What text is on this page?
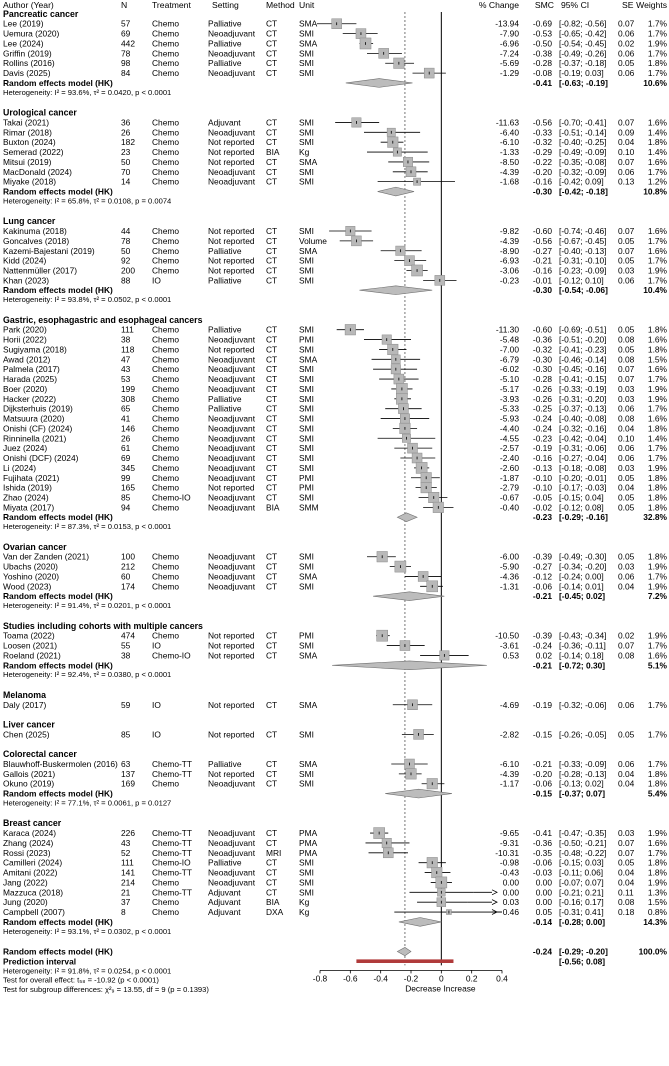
Author (Year)	N	Treatment Setting	Method Unit	% Change SMC 95% CI	SE Weights
Pancreatic cancer
Lee (2019)	57	Chemo	Palliative	CT	SMA	-13.94 -0.69 [-0.82; -0.56] 0.07 1.7%
Uemura (2020)	69	Chemo	Neoadjuvant CT	SMI	-7.90 -0.53 [-0.65; -0.42] 0.06 1.7%
Lee (2024)	442 Chemo	Palliative	CT	SMA	-6.96 -0.50 [-0.54; -0.45] 0.02 1.9%
Griffin (2019)	78	Chemo	Neoadjuvant CT	SMI	-7.24 -0.38 [-0.49; -0.26] 0.06 1.7%
Rollins (2016)	98	Chemo	Palliative	CT	SMI	-5.69 -0.28 [-0.37; -0.18] 0.05 1.8%
Davis (2025)	84	Chemo	Neoadjuvant CT	SMI	-1.29 -0.08 [-0.19; 0.03] 0.06 1.7%
Random effects model (HK)	-0.41 [-0.63; -0.19]	10.6%
Heterogeneity: I² = 93.6%, τ² = 0.0420, p < 0.0001
Urological cancer
Takai (2021)	36	Chemo	Adjuvant	CT	SMI	-11.63 -0.56 [-0.70; -0.41] 0.07 1.6%
Rimar (2018)	26	Chemo	Neoadjuvant CT	SMI	-6.40 -0.33 [-0.51; -0.14] 0.09 1.4%
Buxton (2024)	182 Chemo	Not reported CT	SMI	-6.10 -0.32 [-0.40; -0.25] 0.04 1.8%
Semerad (2022)	23	Chemo	Not reported BIA Kg	-1.33 -0.29 [-0.49; -0.09] 0.10 1.4%
Mitsui (2019)	50	Chemo	Not reported CT	SMA	-8.50 -0.22 [-0.35; -0.08] 0.07 1.6%
MacDonald (2024)	70	Chemo	Neoadjuvant CT	SMI	-4.39 -0.20 [-0.32; -0.09] 0.06 1.7%
Miyake (2018)	14	Chemo	Neoadjuvant CT	SMI	-1.68 -0.16 [-0.42; 0.09] 0.13 1.2%
Random effects model (HK)	-0.30 [-0.42; -0.18]	10.8%
Heterogeneity: I² = 65.8%, τ² = 0.0108, p = 0.0074
Lung cancer
Kakinuma (2018)	44	Chemo	Not reported CT	SMI	-9.82 -0.60 [-0.74; -0.46] 0.07 1.6%
Goncalves (2018)	78	Chemo	Not reported CT	Volume	-4.39 -0.56 [-0.67; -0.45] 0.05 1.7%
Kazemi-Bajestani (2019)	50	Chemo	Palliative	CT	SMA	-8.90 -0.27 [-0.40; -0.13] 0.07 1.6%
Kidd (2024)	92	Chemo	Not reported CT	SMI	-6.93 -0.21 [-0.31; -0.10] 0.05 1.7%
Nattenmüller (2017)	200 Chemo	Not reported CT	SMI	-3.06 -0.16 [-0.23; -0.09] 0.03 1.9%
Khan (2023)	88	IO	Palliative	CT	SMI	-0.23 -0.01 [-0.12; 0.10] 0.06 1.7%
Random effects model (HK)	-0.30 [-0.54; -0.06]	10.4%
Heterogeneity: I² = 93.8%, τ² = 0.0502, p < 0.0001
Gastric, esophagastric and esophageal cancers
Park (2020)	111 Chemo	Palliative	CT	SMI	-11.30 -0.60 [-0.69; -0.51] 0.05 1.8%
Horii (2022)	38	Chemo	Neoadjuvant CT	PMI	-5.48 -0.36 [-0.51; -0.20] 0.08 1.6%
Sugiyama (2018)	118 Chemo	Not reported CT	SMI	-7.00 -0.32 [-0.41; -0.23] 0.05 1.8%
Awad (2012)	47	Chemo	Neoadjuvant CT	SMA	-6.79 -0.30 [-0.46; -0.14] 0.08 1.5%
Palmela (2017)	43	Chemo	Neoadjuvant CT	SMI	-6.02 -0.30 [-0.45; -0.16] 0.07 1.6%
Harada (2025)	53	Chemo	Neoadjuvant CT	SMI	-5.10 -0.28 [-0.41; -0.15] 0.07 1.7%
Boer (2020)	199 Chemo	Neoadjuvant CT	SMI	-5.17 -0.26 [-0.33; -0.19] 0.03 1.9%
Hacker (2022)	308 Chemo	Palliative	CT	SMI	-3.93 -0.26 [-0.31; -0.20] 0.03 1.9%
Dijksterhuis (2019)	65	Chemo	Palliative	CT	SMI	-5.33 -0.25 [-0.37; -0.13] 0.06 1.7%
Matsuura (2020)	41	Chemo	Neoadjuvant CT	SMI	-5.93 -0.24 [-0.40; -0.08] 0.08 1.6%
Onishi (CF) (2024)	146 Chemo	Neoadjuvant CT	SMI	-4.40 -0.24 [-0.32; -0.16] 0.04 1.8%
Rinninella (2021)	26	Chemo	Neoadjuvant CT	SMI	-4.55 -0.23 [-0.42; -0.04] 0.10 1.4%
Juez (2024)	61	Chemo	Neoadjuvant CT	SMI	-2.57 -0.19 [-0.31; -0.06] 0.06 1.7%
Onishi (DCF) (2024)	69	Chemo	Neoadjuvant CT	SMI	-2.40 -0.16 [-0.27; -0.04] 0.06 1.7%
Li (2024)	345 Chemo	Neoadjuvant CT	SMI	-2.60 -0.13 [-0.18; -0.08] 0.03 1.9%
Fujihata (2021)	99	Chemo	Neoadjuvant CT	PMI	-1.87 -0.10 [-0.20; -0.01] 0.05 1.8%
Ishida (2019)	165 Chemo	Not reported CT	PMI	-2.79 -0.10 [-0.17; -0.03] 0.04 1.8%
Zhao (2024)	85	Chemo-IO Neoadjuvant CT	SMI	-0.67 -0.05 [-0.15; 0.04] 0.05 1.8%
Miyata (2017)	94	Chemo	Neoadjuvant BIA SMM	-0.40 -0.02 [-0.12; 0.08] 0.05 1.8%
Random effects model (HK)	-0.23 [-0.29; -0.16]	32.8%
Heterogeneity: I² = 87.3%, τ² = 0.0153, p < 0.0001
Ovarian cancer
Van der Zanden (2021)	100 Chemo	Neoadjuvant CT	SMI	-6.00 -0.39 [-0.49; -0.30] 0.05 1.8%
Ubachs (2020)	212 Chemo	Neoadjuvant CT	SMI	-5.90 -0.27 [-0.34; -0.20] 0.03 1.9%
Yoshino (2020)	60	Chemo	Neoadjuvant CT	SMA	-4.36 -0.12 [-0.24; 0.00] 0.06 1.7%
Wood (2023)	174 Chemo	Neoadjuvant CT	SMI	-1.31 -0.06 [-0.14; 0.01] 0.04 1.9%
Random effects model (HK)	-0.21 [-0.45; 0.02]	7.2%
Heterogeneity: I² = 91.4%, τ² = 0.0201, p < 0.0001
Studies including cohorts with multiple cancers
Toama (2022)	474 Chemo	Not reported CT	PMI	-10.50 -0.39 [-0.43; -0.34] 0.02 1.9%
Loosen (2021)	55	IO	Not reported CT	SMI	-3.61 -0.24 [-0.36; -0.11] 0.07 1.7%
Roeland (2021)	38	Chemo-IO Not reported CT	SMA	0.53 0.02 [-0.14; 0.18] 0.08 1.6%
Random effects model (HK)	-0.21 [-0.72; 0.30]	5.1%
Heterogeneity: I² = 92.4%, τ² = 0.0380, p < 0.0001
Melanoma
Daly (2017)	59	IO	Not reported CT	SMA	-4.69 -0.19 [-0.32; -0.06] 0.06 1.7%
Liver cancer
Chen (2025)	85	IO	Not reported CT	SMI	-2.82 -0.15 [-0.26; -0.05] 0.05 1.7%
Colorectal cancer
Blauwhoff-Buskermolen (2016) 63	Chemo-TT Palliative	CT	SMA	-6.10 -0.21 [-0.33; -0.09] 0.06 1.7%
Gallois (2021)	137 Chemo-TT Not reported CT	SMI	-4.39 -0.20 [-0.28; -0.13] 0.04 1.8%
Okuno (2019)	169 Chemo	Neoadjuvant CT	SMI	-1.17 -0.06 [-0.13; 0.02] 0.04 1.8%
Random effects model (HK)	-0.15 [-0.37; 0.07]	5.4%
Heterogeneity: I² = 77.1%, τ² = 0.0061, p = 0.0127
Breast cancer
Karaca (2024)	226 Chemo-TT Neoadjuvant CT	PMA	-9.65 -0.41 [-0.47; -0.35] 0.03 1.9%
Zhang (2024)	43	Chemo-TT Neoadjuvant CT	PMA	-9.31 -0.36 [-0.50; -0.21] 0.07 1.6%
Rossi (2023)	52	Chemo-TT Neoadjuvant MRI PMA	-10.31 -0.35 [-0.48; -0.22] 0.07 1.7%
Camilleri (2024)	111 Chemo-IO Palliative	CT	SMI	-0.98 -0.06 [-0.15; 0.03] 0.05 1.8%
Amitani (2022)	141 Chemo-TT Neoadjuvant CT	SMI	-0.43 -0.03 [-0.11; 0.06] 0.04 1.8%
Jang (2022)	214 Chemo	Neoadjuvant CT	SMI	0.00 0.00 [-0.07; 0.07] 0.04 1.9%
Mazzuca (2018)	21	Chemo-TT Adjuvant	CT	SMI	0.00 0.00 [-0.21; 0.21] 0.11 1.3%
Jung (2020)	37	Chemo	Adjuvant	BIA Kg	0.03 0.00 [-0.16; 0.17] 0.08 1.5%
Campbell (2007)	8	Chemo	Adjuvant	DXA Kg	0.46 0.05 [-0.31; 0.41] 0.18 0.8%
Random effects model (HK)	-0.14 [-0.28; 0.00]	14.3%
Heterogeneity: I² = 93.1%, τ² = 0.0302, p < 0.0001
Random effects model (HK)	-0.24 [-0.29; -0.20]	100.0%
Prediction interval	[-0.56; 0.08]
-0.8 -0.6 -0.4 -0.2 0	0.2 0.4
Decrease Increase
Heterogeneity: I² = 91.8%, τ² = 0.0254, p < 0.0001
Test for overall effect: t₅₈ = -10.92 (p < 0.0001)
Test for subgroup differences: χ²₉ = 13.55, df = 9 (p = 0.1393)
